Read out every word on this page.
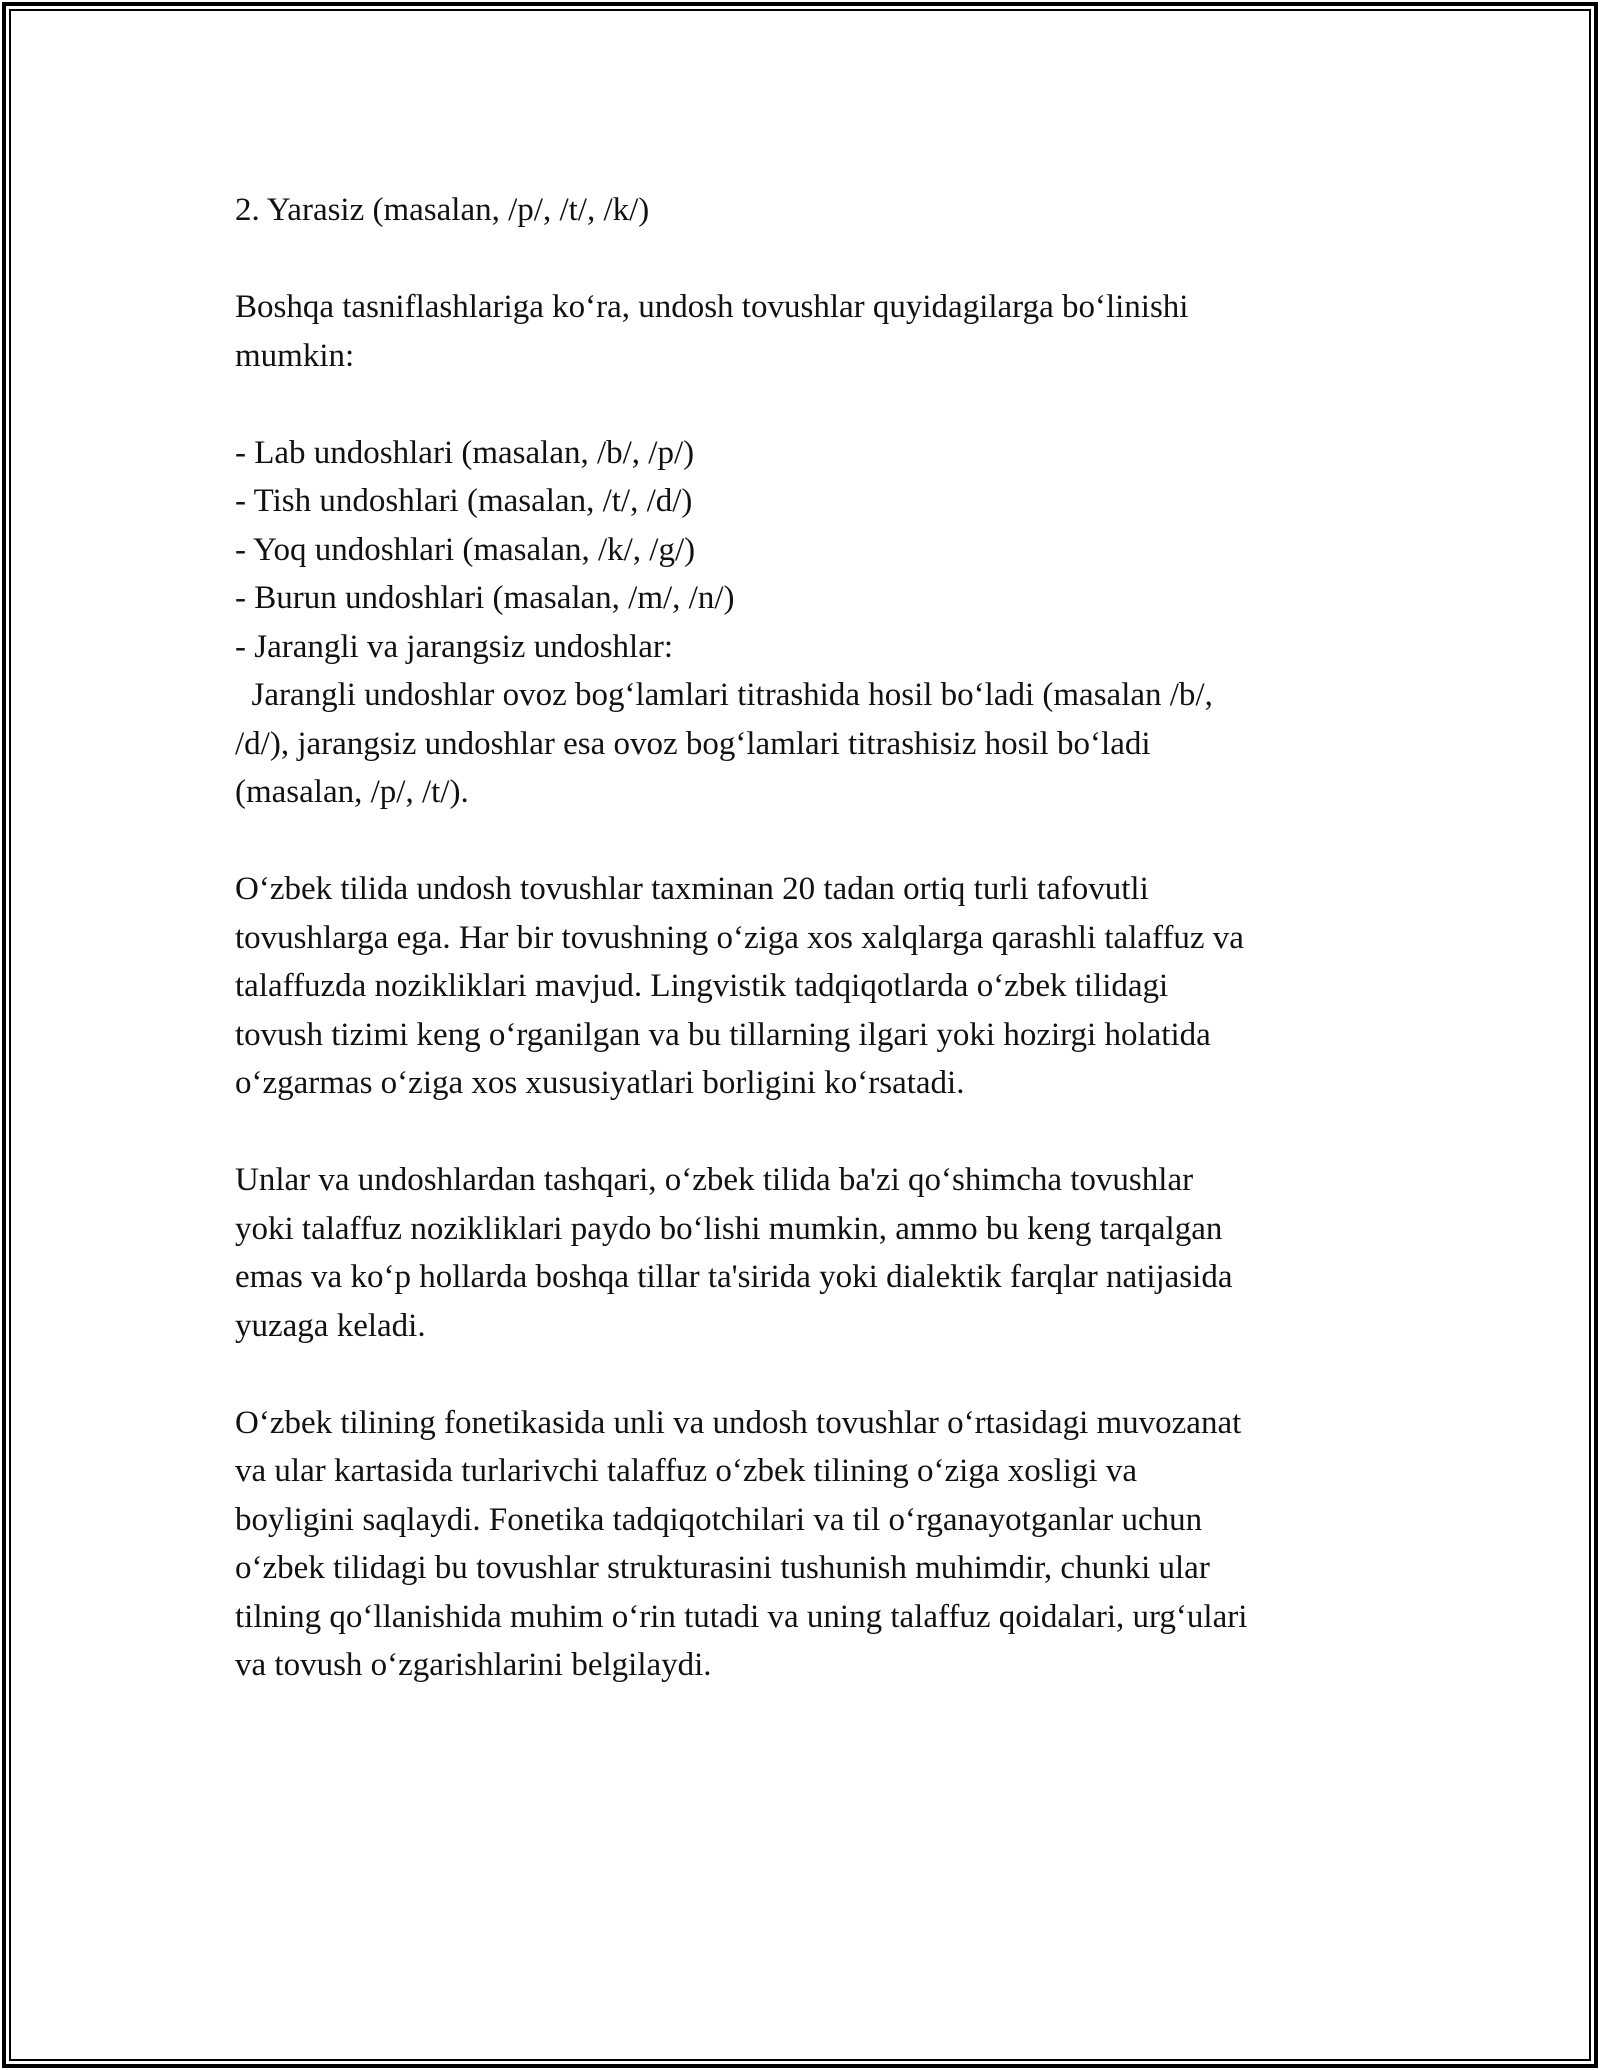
2. Yarasiz (masalan, /p/, /t/, /k/)
Boshqa tasniflashlariga ko‘ra, undosh tovushlar quyidagilarga bo‘linishi
mumkin:
- Lab undoshlari (masalan, /b/, /p/)
- Tish undoshlari (masalan, /t/, /d/)
- Yoq undoshlari (masalan, /k/, /g/)
- Burun undoshlari (masalan, /m/, /n/)
- Jarangli va jarangsiz undoshlar:
Jarangli undoshlar ovoz bog‘lamlari titrashida hosil bo‘ladi (masalan /b/,
/d/), jarangsiz undoshlar esa ovoz bog‘lamlari titrashisiz hosil bo‘ladi
(masalan, /p/, /t/).
O‘zbek tilida undosh tovushlar taxminan 20 tadan ortiq turli tafovutli
tovushlarga ega. Har bir tovushning o‘ziga xos xalqlarga qarashli talaffuz va
talaffuzda nozikliklari mavjud. Lingvistik tadqiqotlarda o‘zbek tilidagi
tovush tizimi keng o‘rganilgan va bu tillarning ilgari yoki hozirgi holatida
o‘zgarmas o‘ziga xos xususiyatlari borligini ko‘rsatadi.
Unlar va undoshlardan tashqari, o‘zbek tilida ba'zi qo‘shimcha tovushlar
yoki talaffuz nozikliklari paydo bo‘lishi mumkin, ammo bu keng tarqalgan
emas va ko‘p hollarda boshqa tillar ta'sirida yoki dialektik farqlar natijasida
yuzaga keladi.
O‘zbek tilining fonetikasida unli va undosh tovushlar o‘rtasidagi muvozanat
va ular kartasida turlarivchi talaffuz o‘zbek tilining o‘ziga xosligi va
boyligini saqlaydi. Fonetika tadqiqotchilari va til o‘rganayotganlar uchun
o‘zbek tilidagi bu tovushlar strukturasini tushunish muhimdir, chunki ular
tilning qo‘llanishida muhim o‘rin tutadi va uning talaffuz qoidalari, urg‘ulari
va tovush o‘zgarishlarini belgilaydi.
